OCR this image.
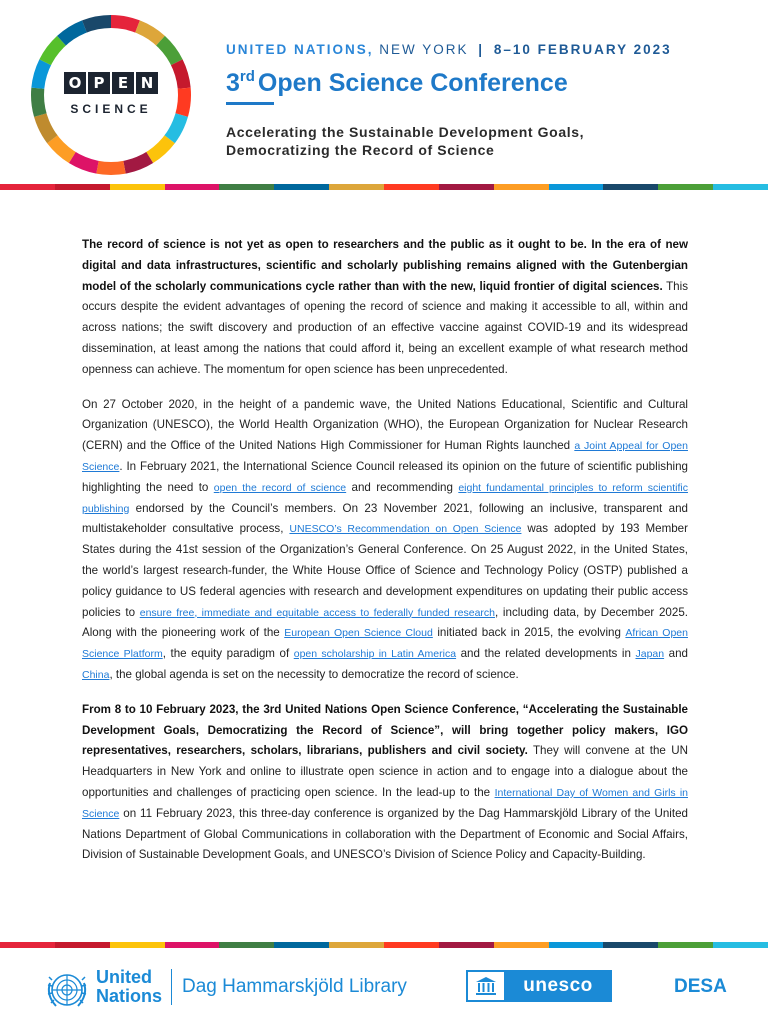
O P E N
SCIENCE
UNITED NATIONS, NEW YORK | 8–10 FEBRUARY 2023
3rd Open Science Conference
Accelerating the Sustainable Development Goals,
Democratizing the Record of Science

The record of science is not yet as open to researchers and the public as it ought to be. In the era of new digital and data infrastructures, scientific and scholarly publishing remains aligned with the Gutenbergian model of the scholarly communications cycle rather than with the new, liquid frontier of digital sciences. This occurs despite the evident advantages of opening the record of science and making it accessible to all, within and across nations; the swift discovery and production of an effective vaccine against COVID-19 and its widespread dissemination, at least among the nations that could afford it, being an excellent example of what research method openness can achieve. The momentum for open science has been unprecedented.

On 27 October 2020, in the height of a pandemic wave, the United Nations Educational, Scientific and Cultural Organization (UNESCO), the World Health Organization (WHO), the European Organization for Nuclear Research (CERN) and the Office of the United Nations High Commissioner for Human Rights launched a Joint Appeal for Open Science. In February 2021, the International Science Council released its opinion on the future of scientific publishing highlighting the need to open the record of science and recommending eight fundamental principles to reform scientific publishing endorsed by the Council’s members. On 23 November 2021, following an inclusive, transparent and multistakeholder consultative process, UNESCO’s Recommendation on Open Science was adopted by 193 Member States during the 41st session of the Organization’s General Conference. On 25 August 2022, in the United States, the world’s largest research-funder, the White House Office of Science and Technology Policy (OSTP) published a policy guidance to US federal agencies with research and development expenditures on updating their public access policies to ensure free, immediate and equitable access to federally funded research, including data, by December 2025. Along with the pioneering work of the European Open Science Cloud initiated back in 2015, the evolving African Open Science Platform, the equity paradigm of open scholarship in Latin America and the related developments in Japan and China, the global agenda is set on the necessity to democratize the record of science.

From 8 to 10 February 2023, the 3rd United Nations Open Science Conference, “Accelerating the Sustainable Development Goals, Democratizing the Record of Science”, will bring together policy makers, IGO representatives, researchers, scholars, librarians, publishers and civil society. They will convene at the UN Headquarters in New York and online to illustrate open science in action and to engage into a dialogue about the opportunities and challenges of practicing open science. In the lead-up to the International Day of Women and Girls in Science on 11 February 2023, this three-day conference is organized by the Dag Hammarskjöld Library of the United Nations Department of Global Communications in collaboration with the Department of Economic and Social Affairs, Division of Sustainable Development Goals, and UNESCO’s Division of Science Policy and Capacity-Building.

United
Nations Dag Hammarskjöld Library	unesco	DESA
